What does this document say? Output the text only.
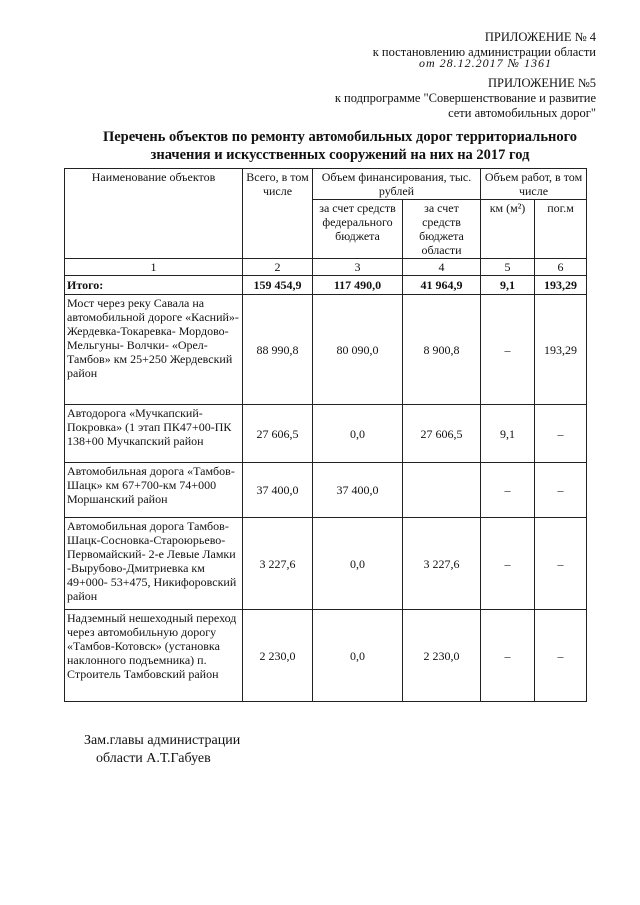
ПРИЛОЖЕНИЕ № 4
к постановлению администрации области
от 28.12.2017 № 1361
ПРИЛОЖЕНИЕ №5
к подпрограмме "Совершенствование и развитие
сети автомобильных дорог"
Перечень объектов по ремонту автомобильных дорог территориального
значения и искусственных сооружений на них на 2017 год
Наименование объектов	Всего, в том числе	Объем финансирования, тыс. рублей		Объем работ, в том числе	
		за счет средств федерального бюджета	за счет средств бюджета области	км (м²)	пог.м
1	2	3	4	5	6
Итого:	159 454,9	117 490,0	41 964,9	9,1	193,29
Мост через реку Савала на автомобильной дороге «Касний»- Жердевка-Токаревка- Мордово-Мельгуны- Волчки- «Орел-Тамбов» км 25+250 Жердевский район	88 990,8	80 090,0	8 900,8	–	193,29
Автодорога «Мучкапский-Покровка» (1 этап ПК47+00-ПК 138+00 Мучкапский район	27 606,5	0,0	27 606,5	9,1	–
Автомобильная дорога «Тамбов- Шацк» км 67+700-км 74+000 Моршанский район	37 400,0	37 400,0		–	–
Автомобильная дорога Тамбов-Шацк-Сосновка-Староюрьево-Первомайский- 2-е Левые Ламки -Вырубово-Дмитриевка км 49+000- 53+475, Никифоровский район	3 227,6	0,0	3 227,6	–	–
Надземный нешеходный переход через автомобильную дорогу «Тамбов-Котовск» (установка наклонного подъемника) п. Строитель Тамбовский район	2 230,0	0,0	2 230,0	–	–
Зам.главы администрации
области А.Т.Габуев
